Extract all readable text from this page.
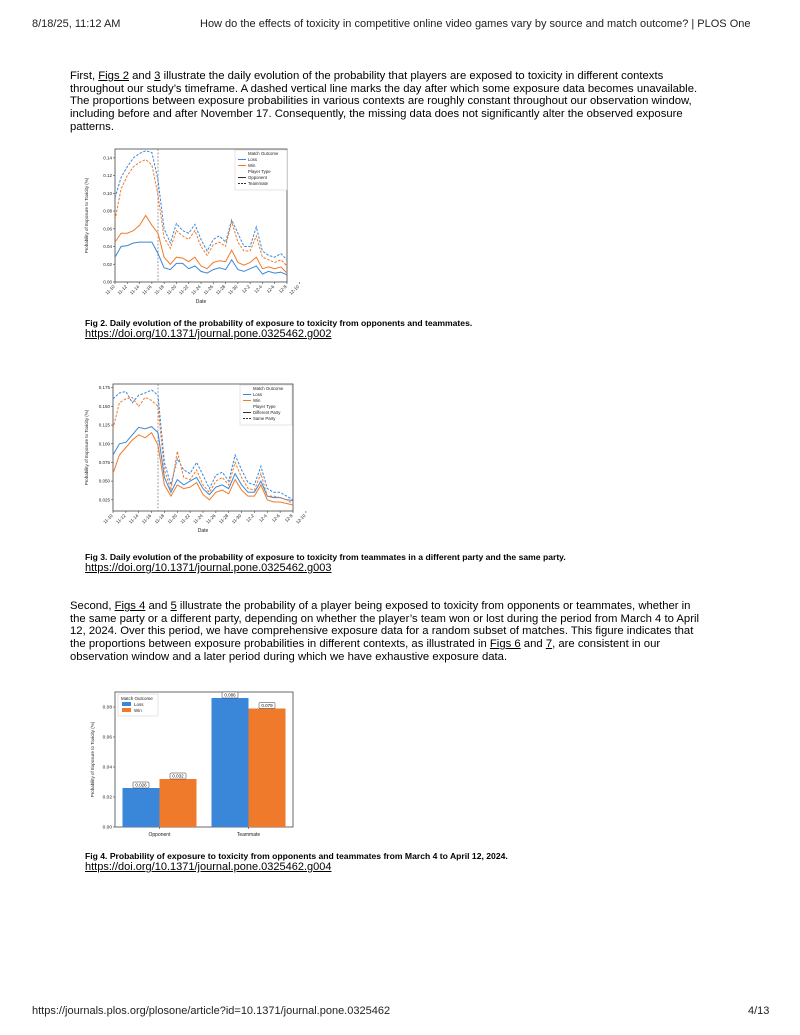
8/18/25, 11:12 AM	How do the effects of toxicity in competitive online video games vary by source and match outcome? | PLOS One
First, Figs 2 and 3 illustrate the daily evolution of the probability that players are exposed to toxicity in different contexts throughout our study’s timeframe. A dashed vertical line marks the day after which some exposure data becomes unavailable. The proportions between exposure probabilities in various contexts are roughly constant throughout our observation window, including before and after November 17. Consequently, the missing data does not significantly alter the observed exposure patterns.
0.00
0.02
0.04
0.06
0.08
0.10
0.12
0.14
11-10 11-12 11-14 11-16 11-18 11-20 11-22 11-24 11-26 11-28 11-30 12-2 12-4 12-6 12-8 12-10
Date
Probability of Exposure to Toxicity (%)
Match Outcome
Loss
Win
Player Type
Opponent
Teammate
Fig 2. Daily evolution of the probability of exposure to toxicity from opponents and teammates.
https://doi.org/10.1371/journal.pone.0325462.g002
0.025
0.050
0.075
0.100
0.125
0.150
0.175
11-10 11-12 11-14 11-16 11-18 11-20 11-22 11-24 11-26 11-28 11-30 12-2 12-4 12-6 12-8 12-10
Date
Probability of Exposure to Toxicity (%)
Match Outcome
Loss
Win
Player Type
Different Party
Same Party
Fig 3. Daily evolution of the probability of exposure to toxicity from teammates in a different party and the same party.
https://doi.org/10.1371/journal.pone.0325462.g003
Second, Figs 4 and 5 illustrate the probability of a player being exposed to toxicity from opponents or teammates, whether in the same party or a different party, depending on whether the player’s team won or lost during the period from March 4 to April 12, 2024. Over this period, we have comprehensive exposure data for a random subset of matches. This figure indicates that the proportions between exposure probabilities in different contexts, as illustrated in Figs 6 and 7, are consistent in our observation window and a later period during which we have exhaustive exposure data.
0.00
0.02
0.04
0.06
0.08
Probability of Exposure to Toxicity (%)
Opponent
0.026
0.032
Teammate
0.086
0.079
Match Outcome
Loss
Win
Fig 4. Probability of exposure to toxicity from opponents and teammates from March 4 to April 12, 2024.
https://doi.org/10.1371/journal.pone.0325462.g004
https://journals.plos.org/plosone/article?id=10.1371/journal.pone.0325462	4/13
